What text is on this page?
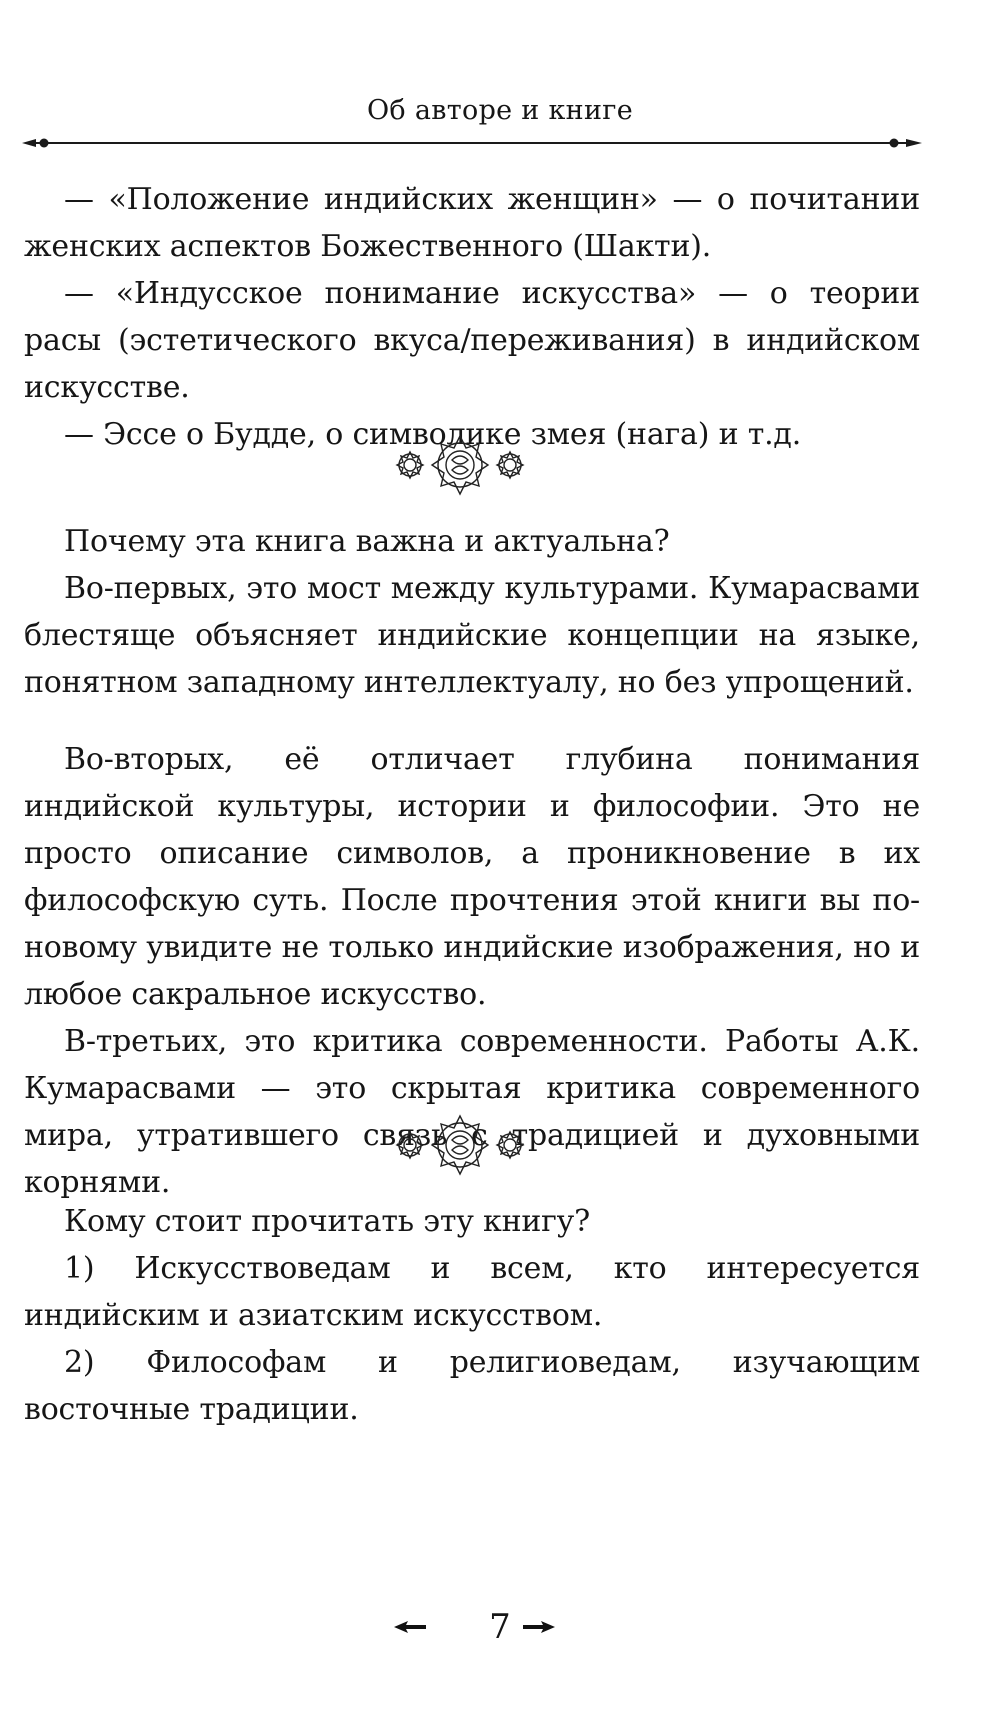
Об авторе и книге

— «Положение индийских женщин» — о почитании женских аспектов Божественного (Шакти).

— «Индусское понимание искусства» — о теории расы (эстетического вкуса/переживания) в индийском искусстве.

— Эссе о Будде, о символике змея (нага) и т.д.

Почему эта книга важна и актуальна?

Во-первых, это мост между культурами. Кумарасвами блестяще объясняет индийские концепции на языке, понятном западному интеллектуалу, но без упрощений.

Во-вторых, её отличает глубина понимания индийской культуры, истории и философии. Это не просто описание символов, а проникновение в их философскую суть. После прочтения этой книги вы по-новому увидите не только индийские изображения, но и любое сакральное искусство.

В-третьих, это критика современности. Работы А.К. Кумарасвами — это скрытая критика современного мира, утратившего связь с традицией и духовными корнями.

Кому стоит прочитать эту книгу?

1) Искусствоведам и всем, кто интересуется индийским и азиатским искусством.

2) Философам и религиоведам, изучающим восточные традиции.

7
